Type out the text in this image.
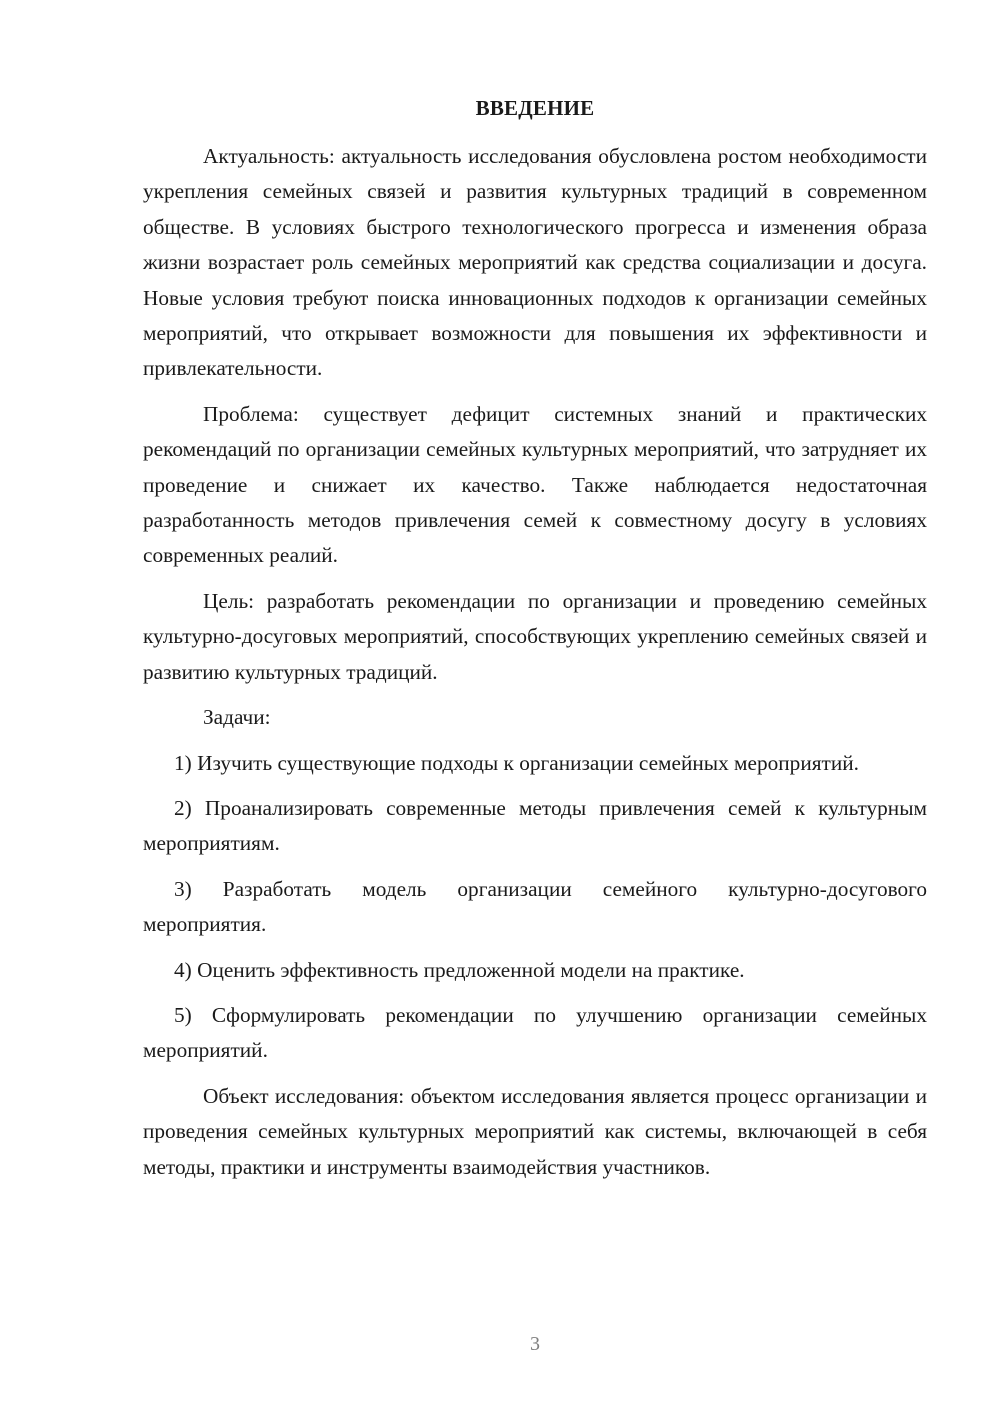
ВВЕДЕНИЕ

Актуальность: актуальность исследования обусловлена ростом необходимости укрепления семейных связей и развития культурных традиций в современном обществе. В условиях быстрого технологического прогресса и изменения образа жизни возрастает роль семейных мероприятий как средства социализации и досуга. Новые условия требуют поиска инновационных подходов к организации семейных мероприятий, что открывает возможности для повышения их эффективности и привлекательности.

Проблема: существует дефицит системных знаний и практических рекомендаций по организации семейных культурных мероприятий, что затрудняет их проведение и снижает их качество. Также наблюдается недостаточная разработанность методов привлечения семей к совместному досугу в условиях современных реалий.

Цель: разработать рекомендации по организации и проведению семейных культурно-досуговых мероприятий, способствующих укреплению семейных связей и развитию культурных традиций.

Задачи:

1) Изучить существующие подходы к организации семейных мероприятий.

2) Проанализировать современные методы привлечения семей к культурным мероприятиям.

3) Разработать модель организации семейного культурно-досугового мероприятия.

4) Оценить эффективность предложенной модели на практике.

5) Сформулировать рекомендации по улучшению организации семейных мероприятий.

Объект исследования: объектом исследования является процесс организации и проведения семейных культурных мероприятий как системы, включающей в себя методы, практики и инструменты взаимодействия участников.

3
